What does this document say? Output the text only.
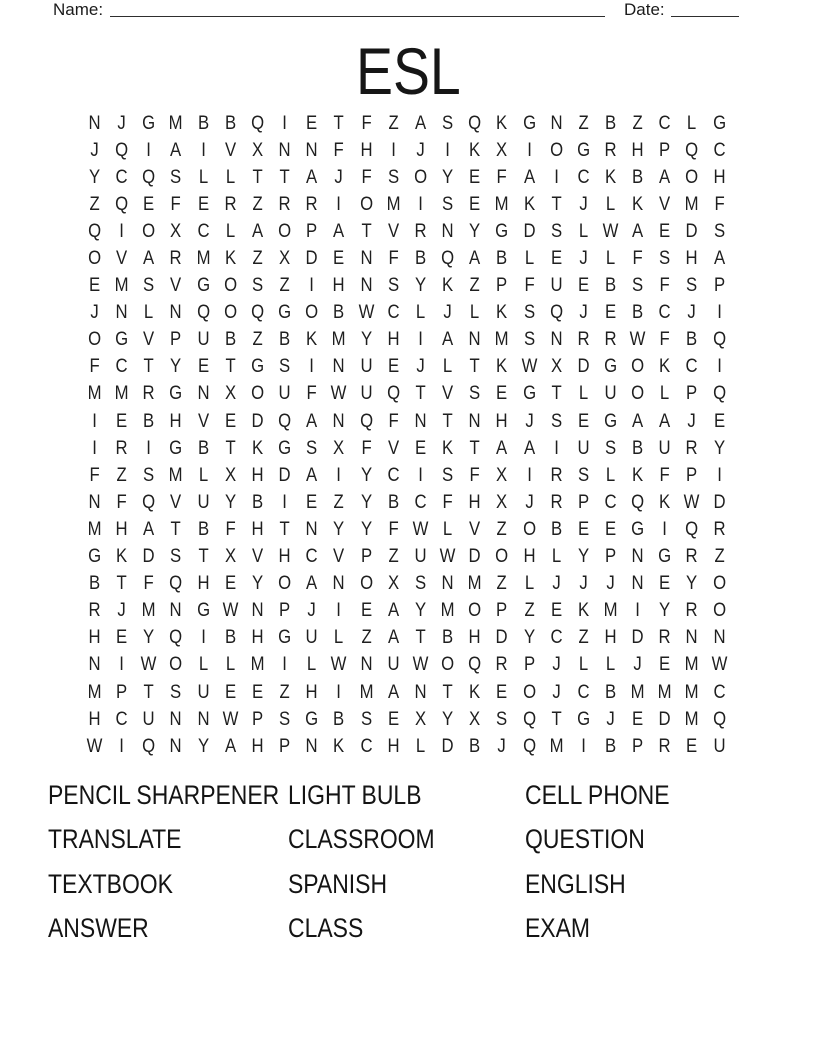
Name:	Date:
ESL
N J G M B B Q I	E T F Z A S Q K G N Z B Z C L G
J Q I	A	I	V X N N F H I	J	I	K X	I O G R H P Q C
Y C Q S L L T T A J F S O Y E F A	I C K B A O H
Z Q E F E R Z R R I O M I	S E M K T J L K V M F
Q I O X C L A O P A T V R N Y G D S L W A E D S
O V A R M K Z X D E N F B Q A B L E J L F S H A
E M S V G O S Z	I H N S Y K Z P F U E B S F S P
J N L N Q O Q G O B W C L J L K S Q J E B C J	I
O G V P U B Z B K M Y H I	A N M S N R R W F B Q
F C T Y E T G S	I N U E J L T K W X D G O K C I
M M R G N X O U F W U Q T V S E G T L U O L P Q
I	E B H V E D Q A N Q F N T N H J S E G A A J E
I R I G B T K G S X F V E K T A A	I U S B U R Y
F Z S M L X H D A	I	Y C I	S F X	I R S L K F P	I
N F Q V U Y B	I	E Z Y B C F H X J R P C Q K W D
M H A T B F H T N Y Y F W L V Z O B E E G I Q R
G K D S T X V H C V P Z U W D O H L Y P N G R Z
B T F Q H E Y O A N O X S N M Z L J J J N E Y O
R J M N G W N P J	I	E A Y M O P Z E K M I	Y R O
H E Y Q I	B H G U L Z A T B H D Y C Z H D R N N
N I W O L L M I	L W N U W O Q R P J L L J E M W
M P T S U E E Z H I M A N T K E O J C B M M M C
H C U N N W P S G B S E X Y X S Q T G J E D M Q
W I Q N Y A H P N K C H L D B J Q M I	B P R E U
PENCIL SHARPENER
TRANSLATE
TEXTBOOK
ANSWER
LIGHT BULB
CLASSROOM
SPANISH
CLASS
CELL PHONE
QUESTION
ENGLISH
EXAM
